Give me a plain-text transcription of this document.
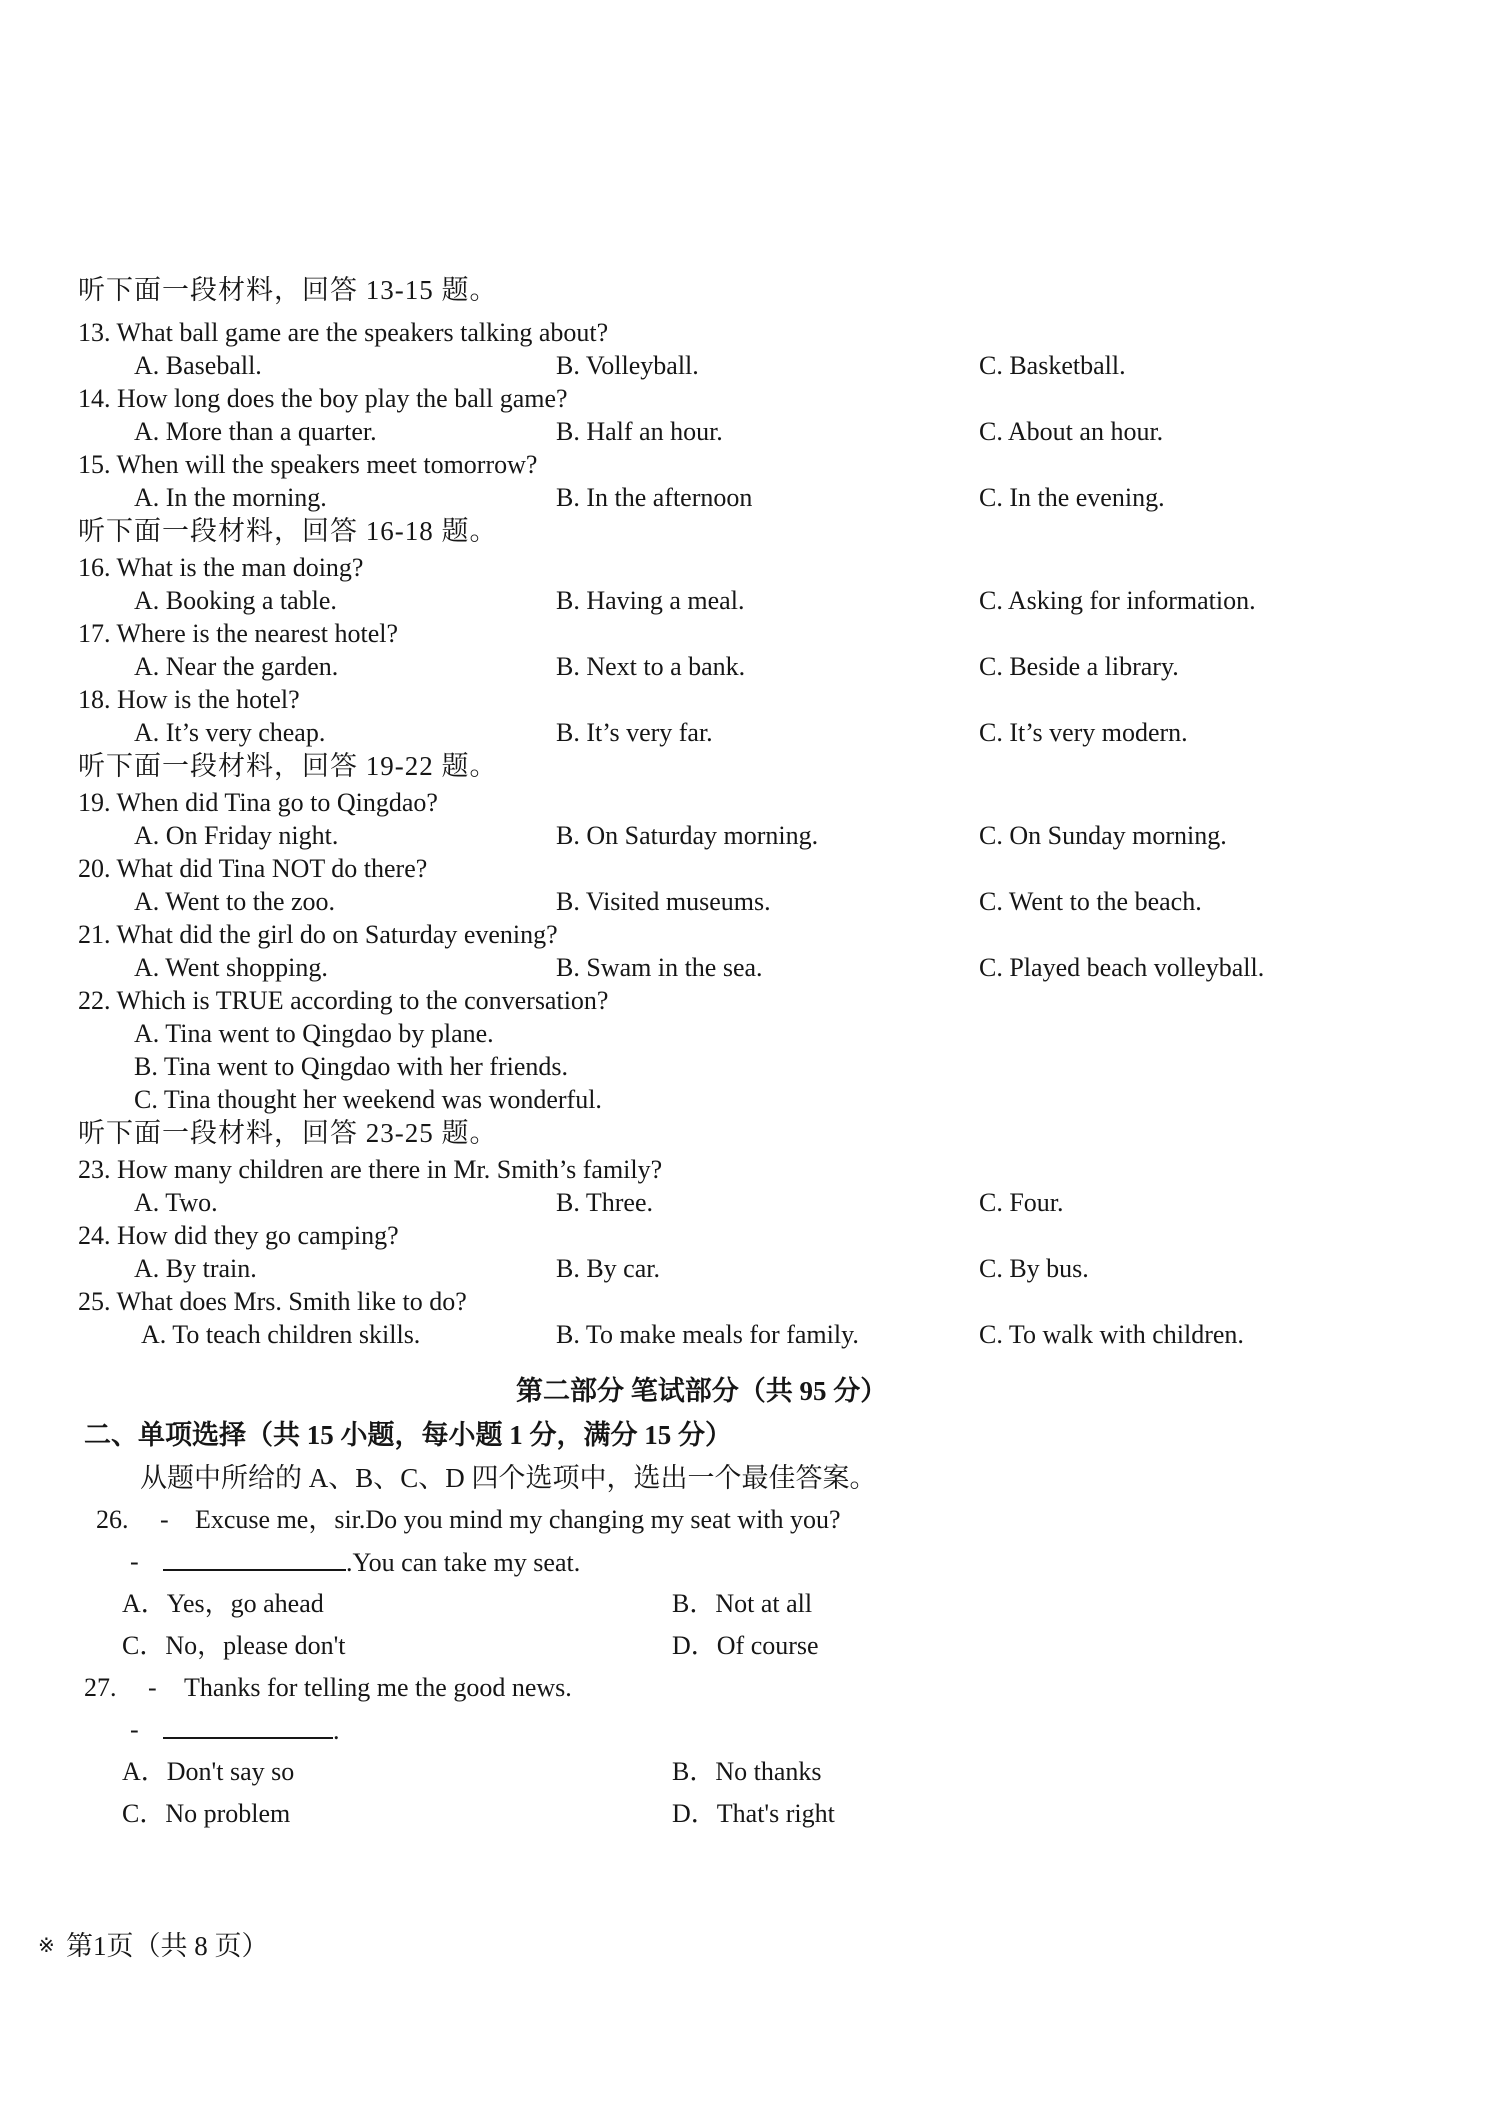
听下面一段材料，回答 13-15 题。
13. What ball game are the speakers talking about?
A. Baseball.	B. Volleyball.	C. Basketball.
14. How long does the boy play the ball game?
A. More than a quarter.	B. Half an hour.	C. About an hour.
15. When will the speakers meet tomorrow?
A. In the morning.	B. In the afternoon	C. In the evening.
听下面一段材料，回答 16-18 题。
16. What is the man doing?
A. Booking a table.	B. Having a meal.	C. Asking for information.
17. Where is the nearest hotel?
A. Near the garden.	B. Next to a bank.	C. Beside a library.
18. How is the hotel?
A. It’s very cheap.	B. It’s very far.	C. It’s very modern.
听下面一段材料，回答 19-22 题。
19. When did Tina go to Qingdao?
A. On Friday night.	B. On Saturday morning.	C. On Sunday morning.
20. What did Tina NOT do there?
A. Went to the zoo.	B. Visited museums.	C. Went to the beach.
21. What did the girl do on Saturday evening?
A. Went shopping.	B. Swam in the sea.	C. Played beach volleyball.
22. Which is TRUE according to the conversation?
A. Tina went to Qingdao by plane.
B. Tina went to Qingdao with her friends.
C. Tina thought her weekend was wonderful.
听下面一段材料，回答 23-25 题。
23. How many children are there in Mr. Smith’s family?
A. Two.	B. Three.	C. Four.
24. How did they go camping?
A. By train.	B. By car.	C. By bus.
25. What does Mrs. Smith like to do?
A. To teach children skills.	B. To make meals for family.	C. To walk with children.
第二部分 笔试部分（共 95 分）
二、单项选择（共 15 小题，每小题 1 分，满分 15 分）
从题中所给的 A、B、C、D 四个选项中，选出一个最佳答案。
26. - Excuse me，sir.Do you mind my changing my seat with you?
-	.You can take my seat.
A．Yes，go ahead	B．Not at all
C．No，please don't	D．Of course
27. - Thanks for telling me the good news.
-	.
A．Don't say so	B．No thanks
C．No problem	D．That's right
※ 第1页（共 8 页）
